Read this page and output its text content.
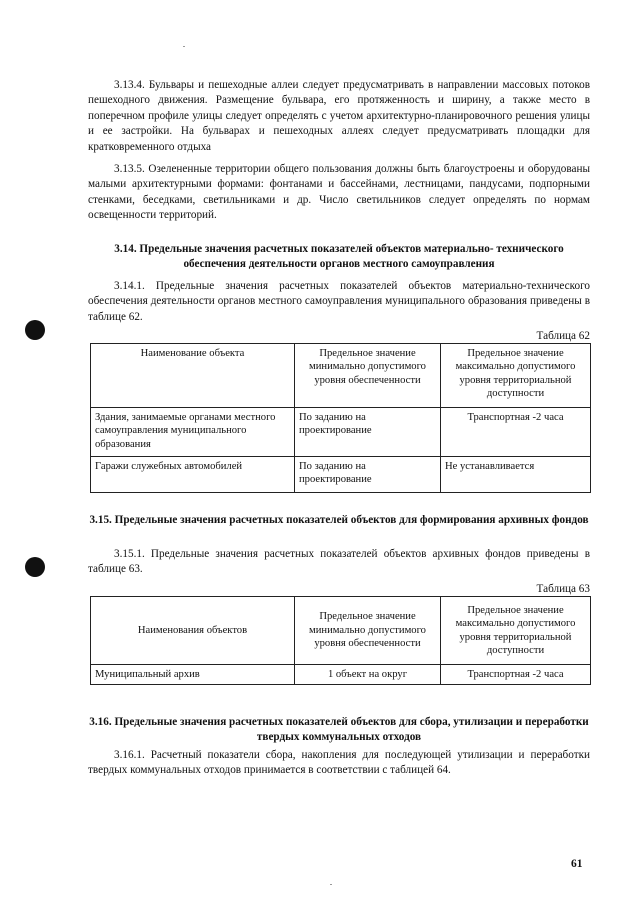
3.13.4. Бульвары и пешеходные аллеи следует предусматривать в направлении массовых потоков пешеходного движения. Размещение бульвара, его протяженность и ширину, а также место в поперечном профиле улицы следует определять с учетом архитектурно-планировочного решения улицы и ее застройки. На бульварах и пешеходных аллеях следует предусматривать площадки для кратковременного отдыха

3.13.5. Озелененные территории общего пользования должны быть благоустроены и оборудованы малыми архитектурными формами: фонтанами и бассейнами, лестницами, пандусами, подпорными стенками, беседками, светильниками и др. Число светильников следует определять по нормам освещенности территорий.

3.14. Предельные значения расчетных показателей объектов материально- технического обеспечения деятельности органов местного самоуправления

3.14.1. Предельные значения расчетных показателей объектов материально-технического обеспечения деятельности органов местного самоуправления муниципального образования приведены в таблице 62.

Таблица 62
Наименование объекта	Предельное значение минимально допустимого уровня обеспеченности	Предельное значение максимально допустимого уровня территориальной доступности
Здания, занимаемые органами местного самоуправления муниципального образования	По заданию на проектирование	Транспортная -2 часа
Гаражи служебных автомобилей	По заданию на проектирование	Не устанавливается

3.15. Предельные значения расчетных показателей объектов для формирования архивных фондов

3.15.1. Предельные значения расчетных показателей объектов архивных фондов приведены в таблице 63.

Таблица 63
Наименования объектов	Предельное значение минимально допустимого уровня обеспеченности	Предельное значение максимально допустимого уровня территориальной доступности
Муниципальный архив	1 объект на округ	Транспортная -2 часа

3.16. Предельные значения расчетных показателей объектов для сбора, утилизации и переработки твердых коммунальных отходов

3.16.1. Расчетный показатели сбора, накопления для последующей утилизации и переработки твердых коммунальных отходов принимается в соответствии с таблицей 64.

61
